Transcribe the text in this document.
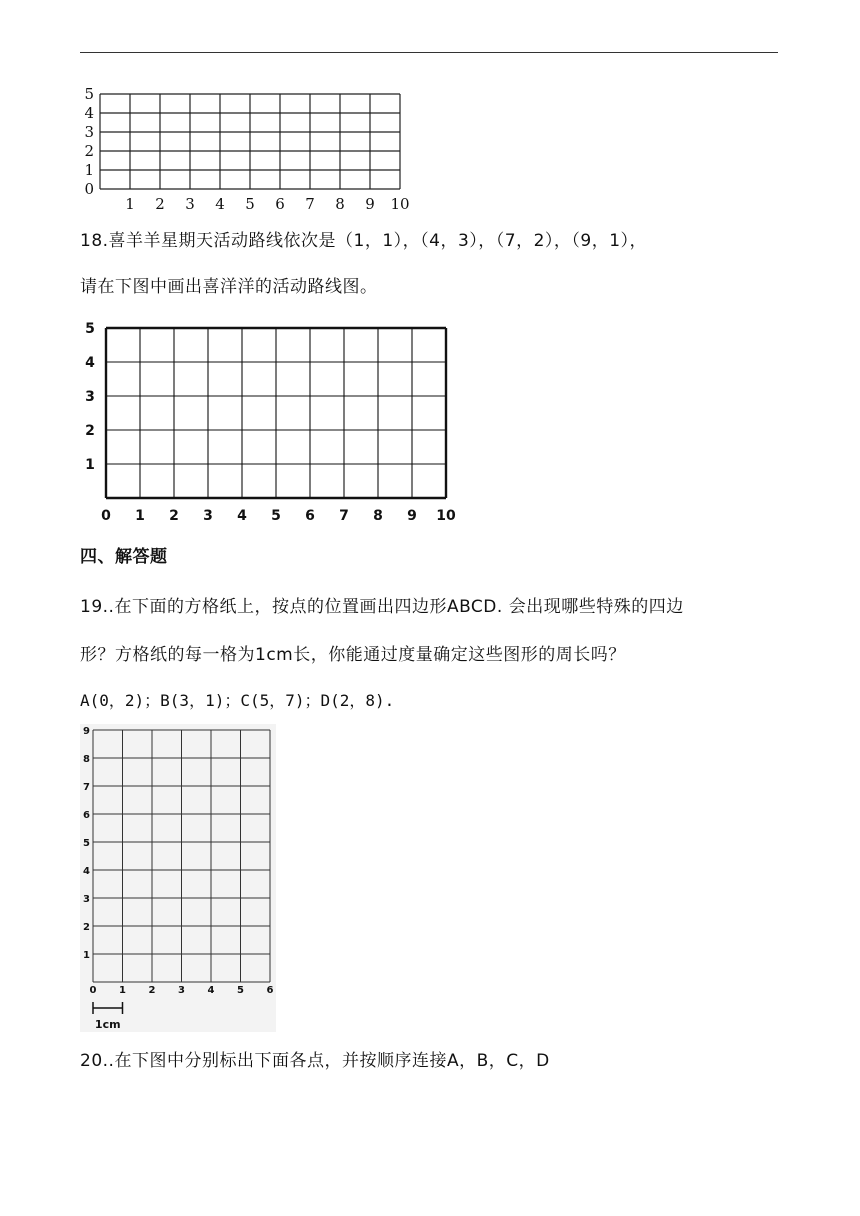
1 2 3 4 5 6 7 8 9 10
0
1
2
3
4
5
18.喜羊羊星期天活动路线依次是（1，1），（4，3），（7，2），（9，1），
请在下图中画出喜洋洋的活动路线图。
0 1 2 3 4 5 6 7 8 9 10
1
2
3
4
5
四、解答题
19..在下面的方格纸上，按点的位置画出四边形ABCD. 会出现哪些特殊的四边
形？方格纸的每一格为1cm长，你能通过度量确定这些图形的周长吗？
A(0，2)；B(3，1)；C(5，7)；D(2，8).
0 1 2 3 4 5 6
1
2
3
4
5
6
7
8
9
1cm
20..在下图中分别标出下面各点，并按顺序连接A，B，C，D
